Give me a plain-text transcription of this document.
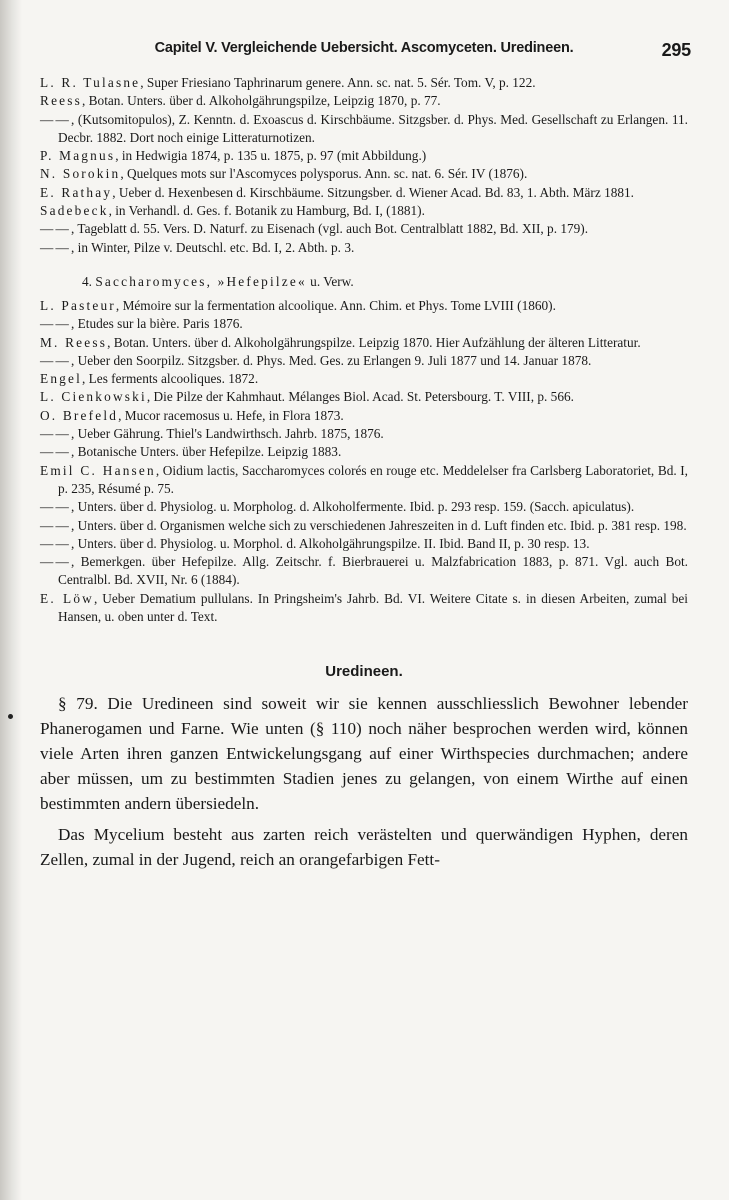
Capitel V. Vergleichende Uebersicht. Ascomyceten. Uredineen.	295

L. R. Tulasne, Super Friesiano Taphrinarum genere. Ann. sc. nat. 5. Sér. Tom. V, p. 122.

Reess, Botan. Unters. über d. Alkoholgährungspilze, Leipzig 1870, p. 77.

——, (Kutsomitopulos), Z. Kenntn. d. Exoascus d. Kirschbäume. Sitzgsber. d. Phys. Med. Gesellschaft zu Erlangen. 11. Decbr. 1882. Dort noch einige Litteraturnotizen.

P. Magnus, in Hedwigia 1874, p. 135 u. 1875, p. 97 (mit Abbildung.)

N. Sorokin, Quelques mots sur l'Ascomyces polysporus. Ann. sc. nat. 6. Sér. IV (1876).

E. Rathay, Ueber d. Hexenbesen d. Kirschbäume. Sitzungsber. d. Wiener Acad. Bd. 83, 1. Abth. März 1881.

Sadebeck, in Verhandl. d. Ges. f. Botanik zu Hamburg, Bd. I, (1881).

——, Tageblatt d. 55. Vers. D. Naturf. zu Eisenach (vgl. auch Bot. Centralblatt 1882, Bd. XII, p. 179).

——, in Winter, Pilze v. Deutschl. etc. Bd. I, 2. Abth. p. 3.

4. Saccharomyces, »Hefepilze« u. Verw.

L. Pasteur, Mémoire sur la fermentation alcoolique. Ann. Chim. et Phys. Tome LVIII (1860).

——, Etudes sur la bière. Paris 1876.

M. Reess, Botan. Unters. über d. Alkoholgährungspilze. Leipzig 1870. Hier Aufzählung der älteren Litteratur.

——, Ueber den Soorpilz. Sitzgsber. d. Phys. Med. Ges. zu Erlangen 9. Juli 1877 und 14. Januar 1878.

Engel, Les ferments alcooliques. 1872.

L. Cienkowski, Die Pilze der Kahmhaut. Mélanges Biol. Acad. St. Petersbourg. T. VIII, p. 566.

O. Brefeld, Mucor racemosus u. Hefe, in Flora 1873.

——, Ueber Gährung. Thiel's Landwirthsch. Jahrb. 1875, 1876.

——, Botanische Unters. über Hefepilze. Leipzig 1883.

Emil C. Hansen, Oidium lactis, Saccharomyces colorés en rouge etc. Meddelelser fra Carlsberg Laboratoriet, Bd. I, p. 235, Résumé p. 75.

——, Unters. über d. Physiolog. u. Morpholog. d. Alkoholfermente. Ibid. p. 293 resp. 159. (Sacch. apiculatus).

——, Unters. über d. Organismen welche sich zu verschiedenen Jahreszeiten in d. Luft finden etc. Ibid. p. 381 resp. 198.

——, Unters. über d. Physiolog. u. Morphol. d. Alkoholgährungspilze. II. Ibid. Band II, p. 30 resp. 13.

——, Bemerkgen. über Hefepilze. Allg. Zeitschr. f. Bierbrauerei u. Malzfabrication 1883, p. 871. Vgl. auch Bot. Centralbl. Bd. XVII, Nr. 6 (1884).

E. Löw, Ueber Dematium pullulans. In Pringsheim's Jahrb. Bd. VI. Weitere Citate s. in diesen Arbeiten, zumal bei Hansen, u. oben unter d. Text.

Uredineen.

§ 79. Die Uredineen sind soweit wir sie kennen ausschliesslich Bewohner lebender Phanerogamen und Farne. Wie unten (§ 110) noch näher besprochen werden wird, können viele Arten ihren ganzen Entwickelungsgang auf einer Wirthspecies durchmachen; andere aber müssen, um zu bestimmten Stadien jenes zu gelangen, von einem Wirthe auf einen bestimmten andern übersiedeln.

Das Mycelium besteht aus zarten reich verästelten und querwändigen Hyphen, deren Zellen, zumal in der Jugend, reich an orangefarbigen Fett-
